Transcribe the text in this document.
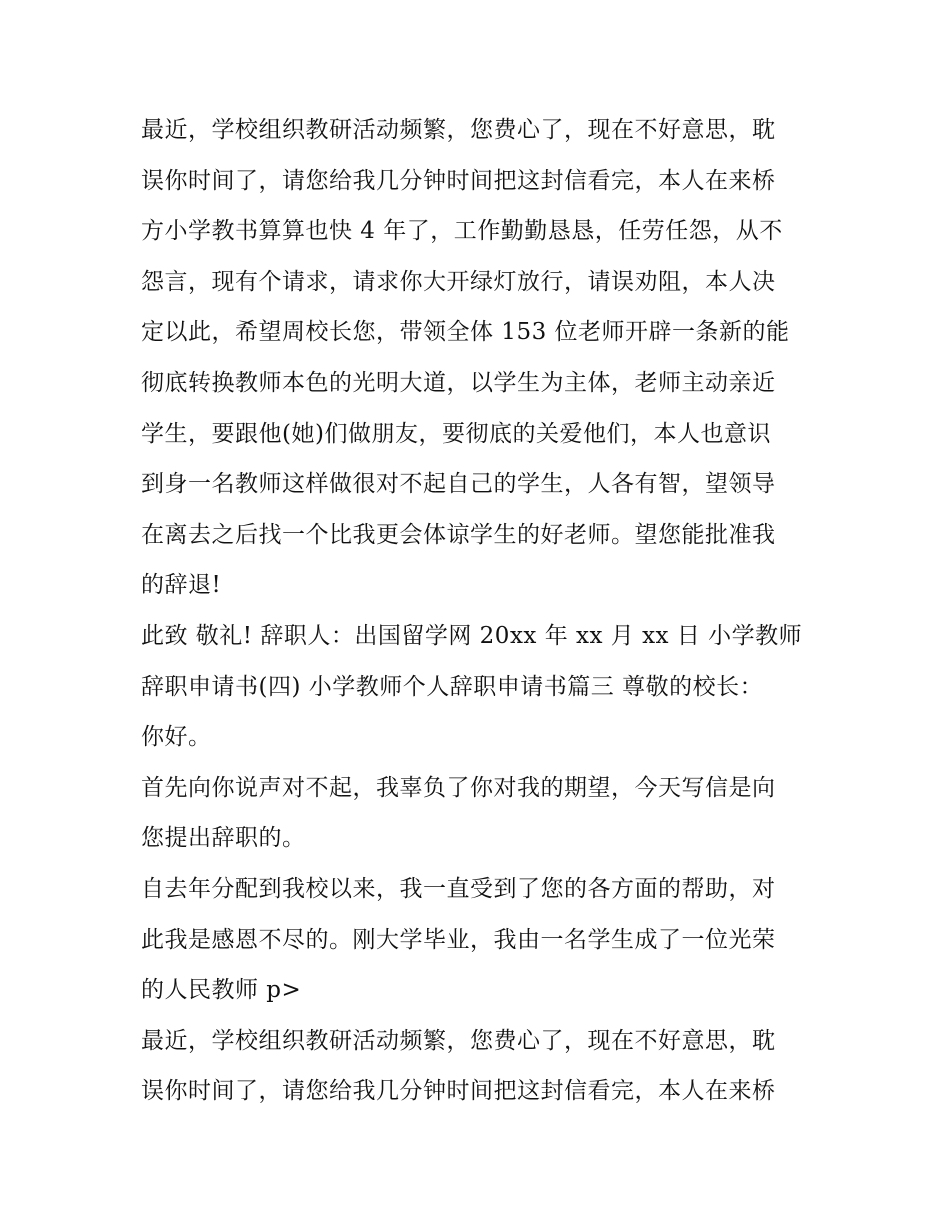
最近，学校组织教研活动频繁，您费心了，现在不好意思，耽
误你时间了，请您给我几分钟时间把这封信看完，本人在来桥
方小学教书算算也快 4 年了，工作勤勤恳恳，任劳任怨，从不
怨言，现有个请求，请求你大开绿灯放行，请误劝阻，本人决
定以此，希望周校长您，带领全体 153 位老师开辟一条新的能
彻底转换教师本色的光明大道，以学生为主体，老师主动亲近
学生，要跟他(她)们做朋友，要彻底的关爱他们，本人也意识
到身一名教师这样做很对不起自己的学生，人各有智，望领导
在离去之后找一个比我更会体谅学生的好老师。望您能批准我
的辞退!
此致 敬礼! 辞职人：出国留学网 20xx 年 xx 月 xx 日 小学教师
辞职申请书(四) 小学教师个人辞职申请书篇三 尊敬的校长：
你好。
首先向你说声对不起，我辜负了你对我的期望，今天写信是向
您提出辞职的。
自去年分配到我校以来，我一直受到了您的各方面的帮助，对
此我是感恩不尽的。刚大学毕业，我由一名学生成了一位光荣
的人民教师 p>
最近，学校组织教研活动频繁，您费心了，现在不好意思，耽
误你时间了，请您给我几分钟时间把这封信看完，本人在来桥
